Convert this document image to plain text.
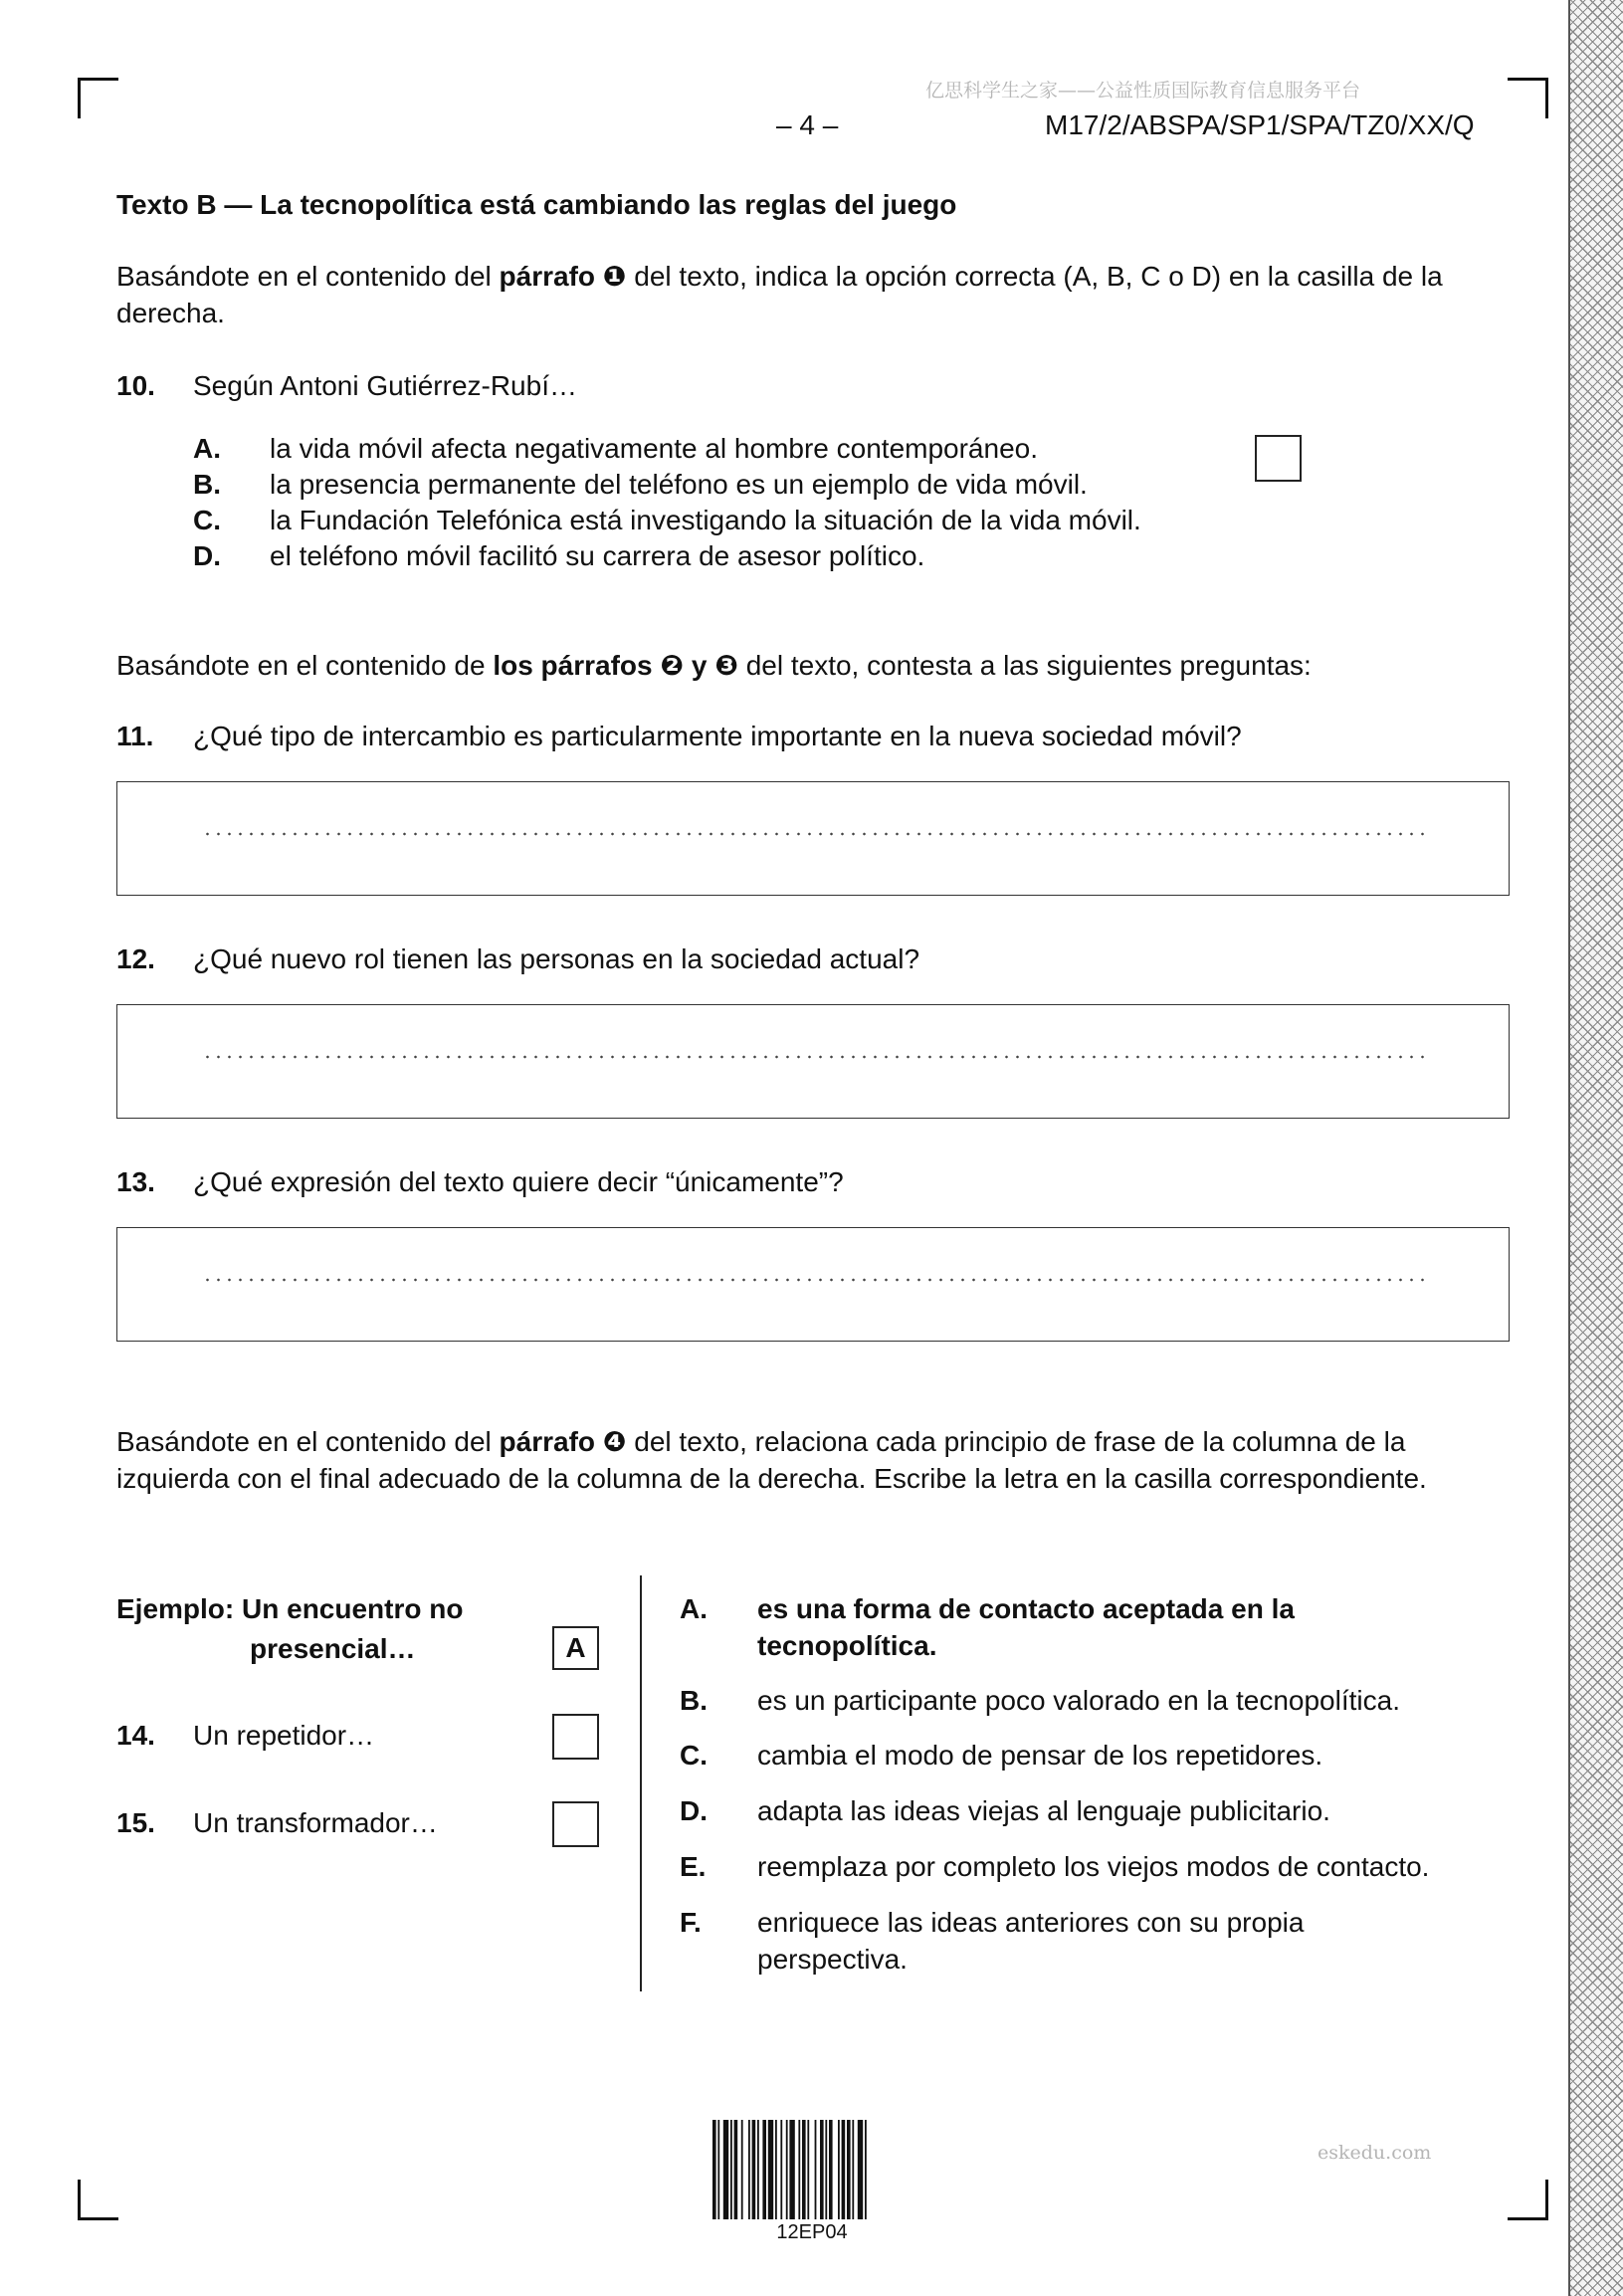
亿思科学生之家——公益性质国际教育信息服务平台
– 4 –	M17/2/ABSPA/SP1/SPA/TZ0/XX/Q
Texto B — La tecnopolítica está cambiando las reglas del juego
Basándote en el contenido del párrafo ❶ del texto, indica la opción correcta (A, B, C o D) en la casilla de la derecha.
10. Según Antoni Gutiérrez-Rubí…
A. la vida móvil afecta negativamente al hombre contemporáneo.
B. la presencia permanente del teléfono es un ejemplo de vida móvil.
C. la Fundación Telefónica está investigando la situación de la vida móvil.
D. el teléfono móvil facilitó su carrera de asesor político.
Basándote en el contenido de los párrafos ❷ y ❸ del texto, contesta a las siguientes preguntas:
11. ¿Qué tipo de intercambio es particularmente importante en la nueva sociedad móvil?
12. ¿Qué nuevo rol tienen las personas en la sociedad actual?
13. ¿Qué expresión del texto quiere decir “únicamente”?
Basándote en el contenido del párrafo ❹ del texto, relaciona cada principio de frase de la columna de la izquierda con el final adecuado de la columna de la derecha. Escribe la letra en la casilla correspondiente.
Ejemplo: Un encuentro no
presencial…	A
14. Un repetidor…
15. Un transformador…
A. es una forma de contacto aceptada en la
tecnopolítica.
B. es un participante poco valorado en la tecnopolítica.
C. cambia el modo de pensar de los repetidores.
D. adapta las ideas viejas al lenguaje publicitario.
E. reemplaza por completo los viejos modos de contacto.
F. enriquece las ideas anteriores con su propia
perspectiva.
12EP04
eskedu.com
